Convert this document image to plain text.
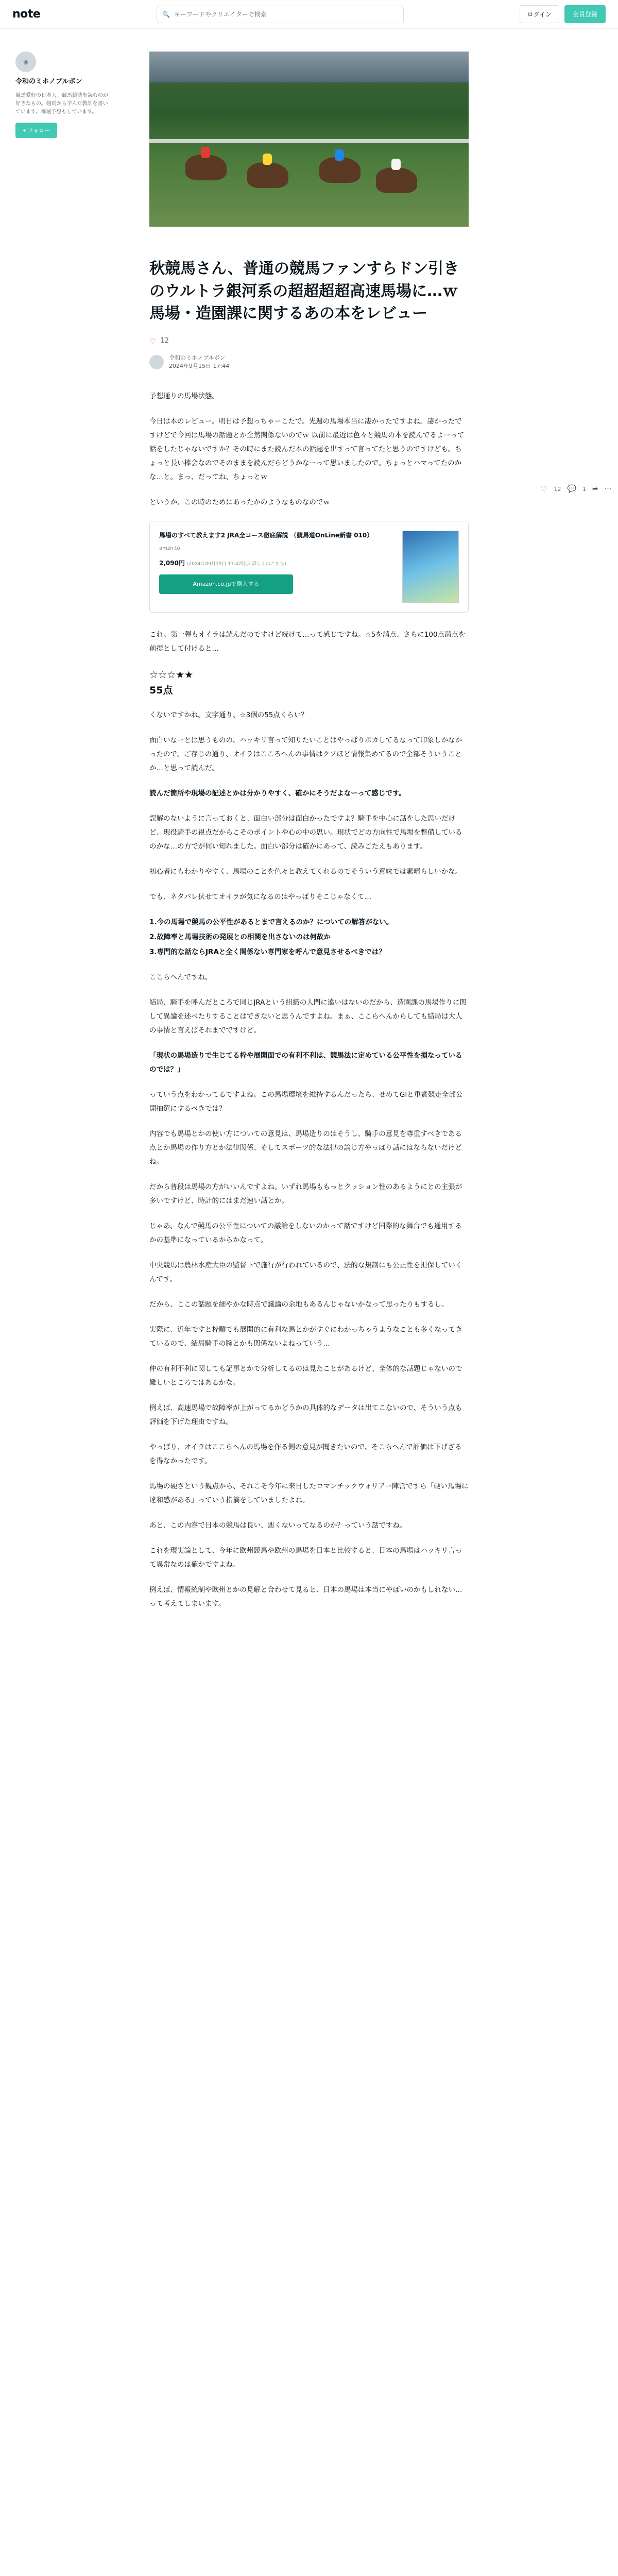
note	🔍
キーワードやクリエイターで検索	ログイン	会員登録
◉
令和のミホノブルボン
競馬愛好の日本人。競馬雑誌を読むのが好きなもの。競馬から学んだ教訓を書いています。毎週予想もしています。
+ フォロー
♡ 12 💬 1 ➦ ⋯
秋競馬さん、普通の競馬ファンすらドン引きのウルトラ銀河系の超超超超高速馬場に…ｗ　馬場・造園課に関するあの本をレビュー
♡ 12
令和のミホノブルボン
2024年9月15日 17:44

予想通りの馬場状態。

今日は本のレビュー。明日は予想っちゃーこたで。先週の馬場本当に凄かったですよね。凄かったですけどで今回は馬場の話題とか全然関係ないのでｗ 以前に最近は色々と競馬の本を読んでるよーって話をしたじゃないですか？その時にまた読んだ本の話題を出すって言ってたと思うのですけども。ちょっと長い棒会なのでそのままを読んだらどうかなーって思いましたので。ちょっとハマってたのかな…と。まっ、だってね、ちょっとｗ

というか、この時のためにあったかのようなものなのでｗ

馬場のすべて教えます2 JRA全コース徹底解説 （競馬道OnLine新書 010）
amzn.to
2,090円 (2024年09月15日 17:47時点 詳しくはこちら)
Amazon.co.jpで購入する

これ。第一弾もオイラは読んだのですけど続けて…って感じですね。☆5を満点、さらに100点満点を前提として付けると…

☆☆☆★★
55点

くないですかね。文字通り、☆3個の55点くらい？

面白いなーとは思うものの、ハッキリ言って知りたいことはやっぱりボカしてるなって印象しかなかったので。ご存じの通り、オイラはこころへんの事情はクソほど情報集めてるので全部そういうことか…と思って読んだ。

読んだ箇所や現場の記述とかは分かりやすく、確かにそうだよなーって感じです。

誤解のないように言っておくと、面白い部分は面白かったですよ？騎手を中心に話をした思いだけど、現役騎手の視点だからこそのポイントや心の中の思い。現状でどの方向性で馬場を整備しているのかな…の方でが伺い知れました。面白い部分は確かにあって、読みごたえもあります。

初心者にもわかりやすく、馬場のことを色々と教えてくれるのでそういう意味では素晴らしいかな。

でも、ネタバレ伏せてオイラが気になるのはやっぱりそこじゃなくて…

1.今の馬場で競馬の公平性があるとまで言えるのか？についての解答がない。

2.故障率と馬場技術の発展との相関を出さないのは何故か

3.専門的な話ならJRAと全く関係ない専門家を呼んで意見させるべきでは？

ここらへんですね。

結局、騎手を呼んだところで同じJRAという組織の人間に違いはないのだから、造園課の馬場作りに関して異論を述べたりすることはできないと思うんですよね。まぁ、ここらへんからしても結局は大人の事情と言えばそれまでですけど。

「現状の馬場造りで生じてる枠や展開面での有利不利は、競馬法に定めている公平性を損なっているのでは？」

っていう点をわかってるですよね。この馬場環境を維持するんだったら、せめてGIと重賞競走全部公開抽選にするべきでは？

内容でも馬場とかの使い方についての意見は、馬場造りのはそうし、騎手の意見を尊重すべきである点とか馬場の作り方とか法律関係、そしてスポーツ的な法律の論じ方やっぱり話にはならないだけどね。

だから普段は馬場の方がいいんですよね。いずれ馬場ももっとクッション性のあるようにとの主張が多いですけど、時計的にはまだ速い話とか。

じゃあ、なんで競馬の公平性についての議論をしないのかって話ですけど国際的な舞台でも通用するかの基準になっているからかなって。

中央競馬は農林水産大臣の監督下で施行が行われているので、法的な規制にも公正性を担保していくんです。

だから、ここの話題を細やかな時点で議論の余地もあるんじゃないかなって思ったりもするし。

実際に、近年ですと枠順でも展開的に有利な馬とかがすぐにわかっちゃうようなことも多くなってきているので、結局騎手の腕とかも関係ないよねっていう…

仲の有利不利に関しても記事とかで分析してるのは見たことがあるけど、全体的な話題じゃないので難しいところではあるかな。

例えば、高速馬場で故障率が上がってるかどうかの具体的なデータは出てこないので、そういう点も評価を下げた理由ですね。

やっぱり、オイラはここらへんの馬場を作る側の意見が聞きたいので、そこらへんで評価は下げざるを得なかったです。

馬場の硬さという観点から、それこそ今年に来日したロマンチックウォリアー陣営ですら「硬い馬場に違和感がある」っていう指摘をしていましたよね。

あと、この内容で日本の競馬は良い、悪くないってなるのか？っていう話ですね。

これを現実論として、今年に欧州競馬や欧州の馬場を日本と比較すると、日本の馬場はハッキリ言って異常なのは確かですよね。

例えば、情報統制や欧州とかの見解と合わせて見ると、日本の馬場は本当にやばいのかもしれない…って考えてしまいます。
